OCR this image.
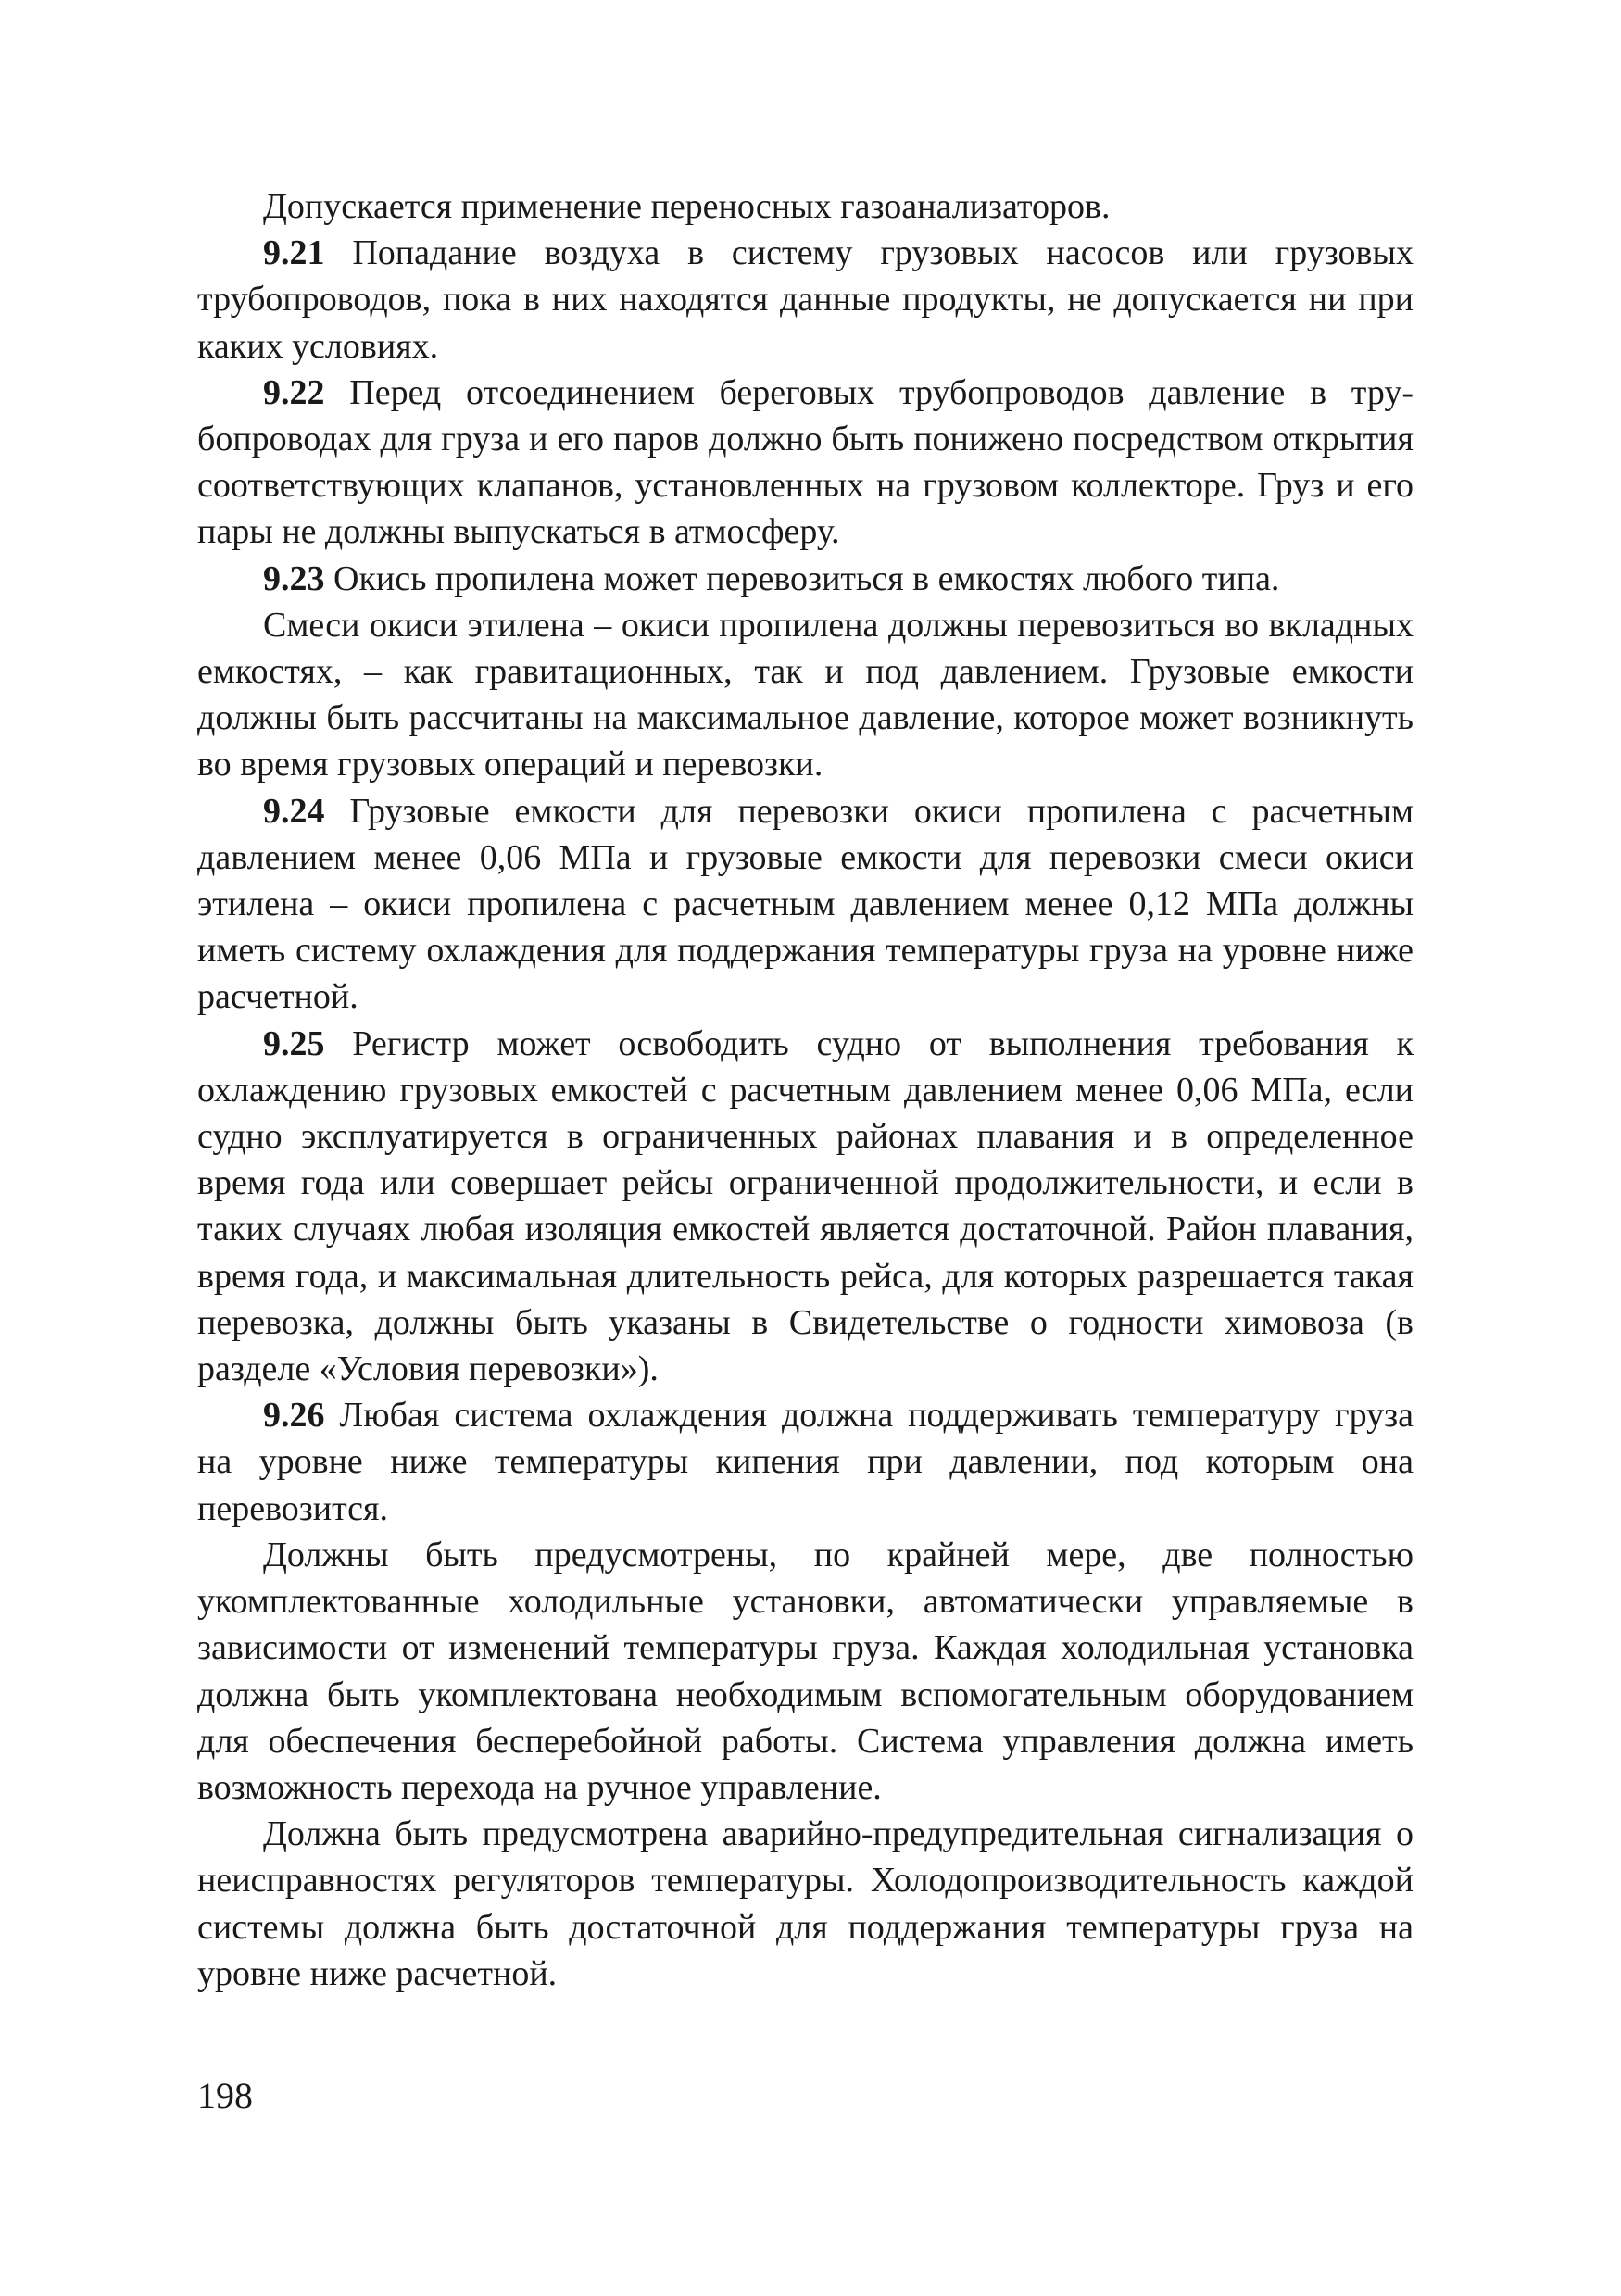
Допускается применение переносных газоанализаторов.

9.21 Попадание воздуха в систему грузовых насосов или грузовых трубопроводов, пока в них находятся данные продукты, не допускается ни при каких условиях.

9.22 Перед отсоединением береговых трубопроводов давление в трубопроводах для груза и его паров должно быть понижено посредством открытия соответствующих клапанов, установленных на грузовом коллекторе. Груз и его пары не должны выпускаться в атмосферу.

9.23 Окись пропилена может перевозиться в емкостях любого типа.

Смеси окиси этилена – окиси пропилена должны перевозиться во вкладных емкостях, – как гравитационных, так и под давлением. Грузовые емкости должны быть рассчитаны на максимальное давление, которое может возникнуть во время грузовых операций и перевозки.

9.24 Грузовые емкости для перевозки окиси пропилена с расчетным давлением менее 0,06 МПа и грузовые емкости для перевозки смеси окиси этилена – окиси пропилена с расчетным давлением менее 0,12 МПа должны иметь систему охлаждения для поддержания температуры груза на уровне ниже расчетной.

9.25 Регистр может освободить судно от выполнения требования к охлаждению грузовых емкостей с расчетным давлением менее 0,06 МПа, если судно эксплуатируется в ограниченных районах плавания и в определенное время года или совершает рейсы ограниченной продолжительности, и если в таких случаях любая изоляция емкостей является достаточной. Район плавания, время года, и максимальная длительность рейса, для которых разрешается такая перевозка, должны быть указаны в Свидетельстве о годности химовоза (в разделе «Условия перевозки»).

9.26 Любая система охлаждения должна поддерживать температуру груза на уровне ниже температуры кипения при давлении, под которым она перевозится.

Должны быть предусмотрены, по крайней мере, две полностью укомплектованные холодильные установки, автоматически управляемые в зависимости от изменений температуры груза. Каждая холодильная установка должна быть укомплектована необходимым вспомогательным оборудованием для обеспечения бесперебойной работы. Система управления должна иметь возможность перехода на ручное управление.

Должна быть предусмотрена аварийно-предупредительная сигнализация о неисправностях регуляторов температуры. Холодопроизводительность каждой системы должна быть достаточной для поддержания температуры груза на уровне ниже расчетной.

198
